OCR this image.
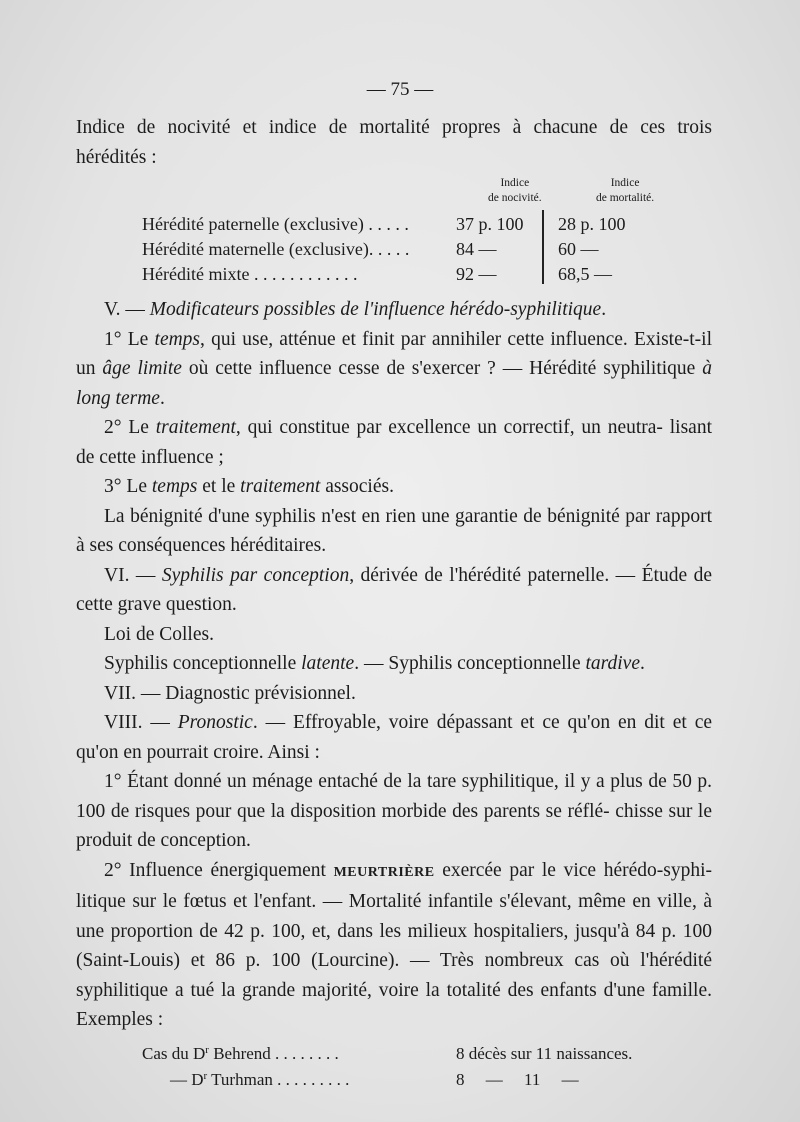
— 75 —

Indice de nocivité et indice de mortalité propres à chacune de ces trois

hérédités :

Indice
de nocivité.
Indice
de mortalité.
Hérédité paternelle (exclusive) . . . . .	37 p. 100 28 p. 100
Hérédité maternelle (exclusive). . . . .	84 —	60 —
Hérédité mixte . . . . . . . . . . . .	92 —	68,5 —

V. — Modificateurs possibles de l'influence hérédo-syphilitique.

1° Le temps, qui use, atténue et finit par annihiler cette influence. Existe-t-il un âge limite où cette influence cesse de s'exercer ? — Hérédité syphilitique à long terme.

2° Le traitement, qui constitue par excellence un correctif, un neutra- lisant de cette influence ;

3° Le temps et le traitement associés.

La bénignité d'une syphilis n'est en rien une garantie de bénignité par rapport à ses conséquences héréditaires.

VI. — Syphilis par conception, dérivée de l'hérédité paternelle. — Étude de cette grave question.

Loi de Colles.

Syphilis conceptionnelle latente. — Syphilis conceptionnelle tardive.

VII. — Diagnostic prévisionnel.

VIII. — Pronostic. — Effroyable, voire dépassant et ce qu'on en dit et ce qu'on en pourrait croire. Ainsi :

1° Étant donné un ménage entaché de la tare syphilitique, il y a plus de 50 p. 100 de risques pour que la disposition morbide des parents se réflé- chisse sur le produit de conception.

2° Influence énergiquement MEURTRIÈRE exercée par le vice hérédo-syphi- litique sur le fœtus et l'enfant. — Mortalité infantile s'élevant, même en ville, à une proportion de 42 p. 100, et, dans les milieux hospitaliers, jusqu'à 84 p. 100 (Saint-Louis) et 86 p. 100 (Lourcine). — Très nombreux cas où l'hérédité syphilitique a tué la grande majorité, voire la totalité des enfants d'une famille. Exemples :

Cas du $D^r$ Behrend . . . . . . . .	8 décès sur 11 naissances.
— $D^r$ Turhman . . . . . . . . .	8     —     11     —
